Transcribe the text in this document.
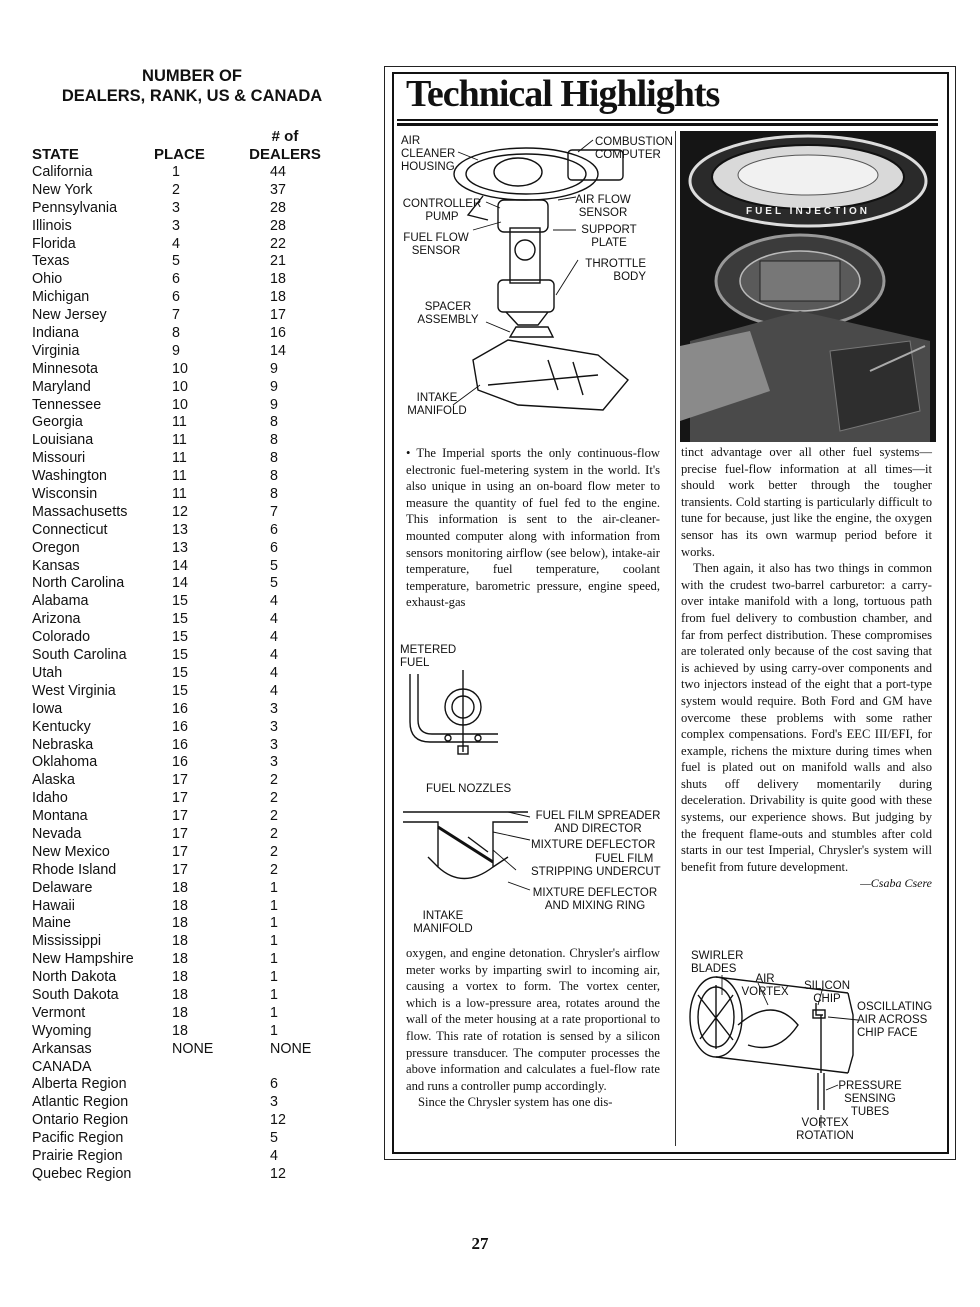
NUMBER OF
DEALERS, RANK, US & CANADA
# of
DEALERS
STATE	PLACE
California	1	44
New York	2	37
Pennsylvania	3	28
Illinois	3	28
Florida	4	22
Texas	5	21
Ohio	6	18
Michigan	6	18
New Jersey	7	17
Indiana	8	16
Virginia	9	14
Minnesota	10	9
Maryland	10	9
Tennessee	10	9
Georgia	11	8
Louisiana	11	8
Missouri	11	8
Washington	11	8
Wisconsin	11	8
Massachusetts	12	7
Connecticut	13	6
Oregon	13	6
Kansas	14	5
North Carolina	14	5
Alabama	15	4
Arizona	15	4
Colorado	15	4
South Carolina	15	4
Utah	15	4
West Virginia	15	4
Iowa	16	3
Kentucky	16	3
Nebraska	16	3
Oklahoma	16	3
Alaska	17	2
Idaho	17	2
Montana	17	2
Nevada	17	2
New Mexico	17	2
Rhode Island	17	2
Delaware	18	1
Hawaii	18	1
Maine	18	1
Mississippi	18	1
New Hampshire	18	1
North Dakota	18	1
South Dakota	18	1
Vermont	18	1
Wyoming	18	1
Arkansas	NONE	NONE
CANADA
Alberta Region	6
Atlantic Region	3
Ontario Region	12
Pacific Region	5
Prairie Region	4
Quebec Region	12
Technical Highlights
AIR
CLEANER
HOUSING
COMBUSTION
COMPUTER
CONTROLLER
PUMP
AIR FLOW
SENSOR
FUEL FLOW
SENSOR
SUPPORT
PLATE
THROTTLE
BODY
SPACER
ASSEMBLY
INTAKE
MANIFOLD
FUEL INJECTION
• The Imperial sports the only continuous-flow electronic fuel-metering system in the world. It's also unique in using an on-board flow meter to measure the quantity of fuel fed to the engine. This information is sent to the air-cleaner-mounted computer along with information from sensors monitoring airflow (see below), intake-air temperature, fuel temperature, coolant temperature, barometric pressure, engine speed, exhaust-gas
METERED
FUEL
FUEL NOZZLES
FUEL FILM SPREADER
AND DIRECTOR
MIXTURE DEFLECTOR
FUEL FILM
STRIPPING UNDERCUT
MIXTURE DEFLECTOR
AND MIXING RING
INTAKE
MANIFOLD

oxygen, and engine detonation. Chrysler's airflow meter works by imparting swirl to incoming air, causing a vortex to form. The vortex center, which is a low-pressure area, rotates around the wall of the meter housing at a rate proportional to flow. This rate of rotation is sensed by a silicon pressure transducer. The computer processes the above information and calculates a fuel-flow rate and runs a controller pump accordingly.

Since the Chrysler system has one dis-

tinct advantage over all other fuel systems—precise fuel-flow information at all times—it should work better through the tougher transients. Cold starting is particularly difficult to tune for because, just like the engine, the oxygen sensor has its own warmup period before it works.

Then again, it also has two things in common with the crudest two-barrel carburetor: a carry-over intake manifold with a long, tortuous path from fuel delivery to combustion chamber, and far from perfect distribution. These compromises are tolerated only because of the cost saving that is achieved by using carry-over components and two injectors instead of the eight that a port-type system would require. Both Ford and GM have overcome these problems with some rather complex compensations. Ford's EEC III/EFI, for example, richens the mixture during times when fuel is plated out on manifold walls and also shuts off delivery momentarily during deceleration. Drivability is quite good with these systems, our experience shows. But judging by the frequent flame-outs and stumbles after cold starts in our test Imperial, Chrysler's system will benefit from future development.

—Csaba Csere

SWIRLER
BLADES
AIR
VORTEX	SILICON
CHIP
OSCILLATING
AIR ACROSS
CHIP FACE
PRESSURE
SENSING
TUBES
VORTEX
ROTATION
27
